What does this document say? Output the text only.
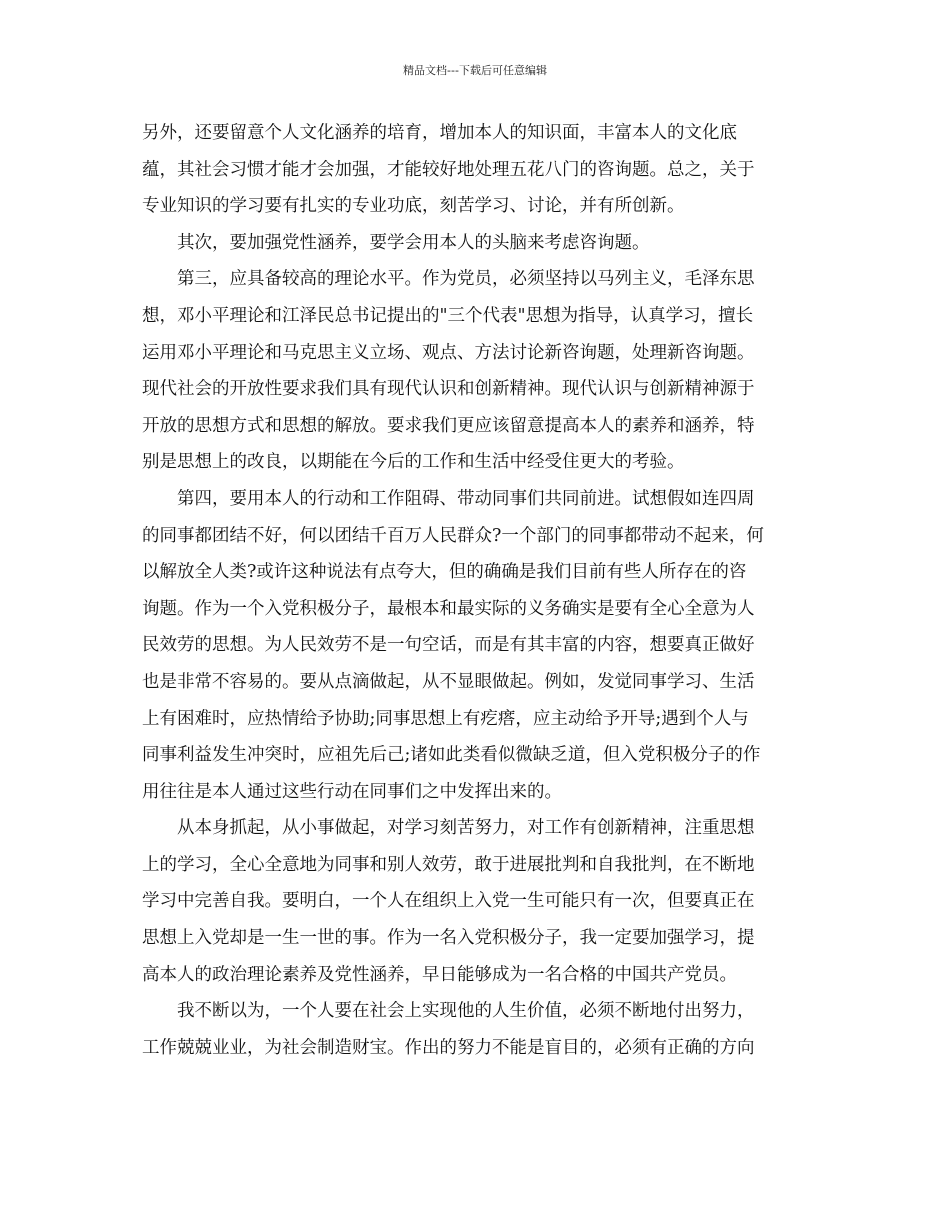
精品文档---下载后可任意编辑
另外，还要留意个人文化涵养的培育，增加本人的知识面，丰富本人的文化底
蕴，其社会习惯才能才会加强，才能较好地处理五花八门的咨询题。总之，关于
专业知识的学习要有扎实的专业功底，刻苦学习、讨论，并有所创新。
　　其次，要加强党性涵养，要学会用本人的头脑来考虑咨询题。
　　第三，应具备较高的理论水平。作为党员，必须坚持以马列主义，毛泽东思
想，邓小平理论和江泽民总书记提出的"三个代表"思想为指导，认真学习，擅长
运用邓小平理论和马克思主义立场、观点、方法讨论新咨询题，处理新咨询题。
现代社会的开放性要求我们具有现代认识和创新精神。现代认识与创新精神源于
开放的思想方式和思想的解放。要求我们更应该留意提高本人的素养和涵养，特
别是思想上的改良，以期能在今后的工作和生活中经受住更大的考验。
　　第四，要用本人的行动和工作阻碍、带动同事们共同前进。试想假如连四周
的同事都团结不好，何以团结千百万人民群众?一个部门的同事都带动不起来，何
以解放全人类?或许这种说法有点夸大，但的确确是我们目前有些人所存在的咨
询题。作为一个入党积极分子，最根本和最实际的义务确实是要有全心全意为人
民效劳的思想。为人民效劳不是一句空话，而是有其丰富的内容，想要真正做好
也是非常不容易的。要从点滴做起，从不显眼做起。例如，发觉同事学习、生活
上有困难时，应热情给予协助;同事思想上有疙瘩，应主动给予开导;遇到个人与
同事利益发生冲突时，应祖先后己;诸如此类看似微缺乏道，但入党积极分子的作
用往往是本人通过这些行动在同事们之中发挥出来的。
　　从本身抓起，从小事做起，对学习刻苦努力，对工作有创新精神，注重思想
上的学习，全心全意地为同事和别人效劳，敢于进展批判和自我批判，在不断地
学习中完善自我。要明白，一个人在组织上入党一生可能只有一次，但要真正在
思想上入党却是一生一世的事。作为一名入党积极分子，我一定要加强学习，提
高本人的政治理论素养及党性涵养，早日能够成为一名合格的中国共产党员。
　　我不断以为，一个人要在社会上实现他的人生价值，必须不断地付出努力，
工作兢兢业业，为社会制造财宝。作出的努力不能是盲目的，必须有正确的方向
